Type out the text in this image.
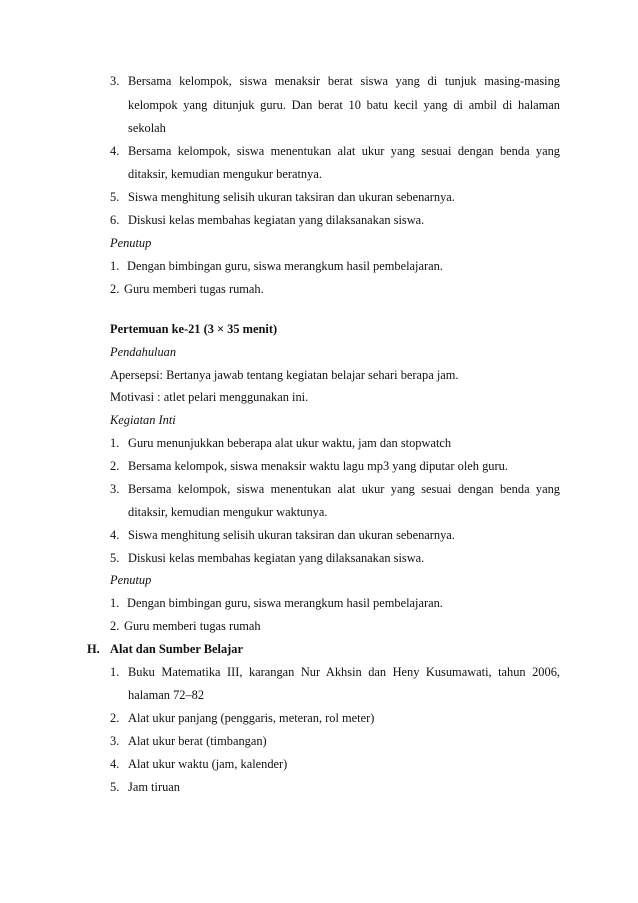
3. Bersama kelompok, siswa menaksir berat siswa yang di tunjuk masing-masing
kelompok yang ditunjuk guru. Dan berat 10 batu kecil yang di ambil di halaman
sekolah
4. Bersama kelompok, siswa menentukan alat ukur yang sesuai dengan benda yang
ditaksir, kemudian mengukur beratnya.
5. Siswa menghitung selisih ukuran taksiran dan ukuran sebenarnya.
6. Diskusi kelas membahas kegiatan yang dilaksanakan siswa.
Penutup
1. Dengan bimbingan guru, siswa merangkum hasil pembelajaran.
2. Guru memberi tugas rumah.
Pertemuan ke-21 (3 × 35 menit)
Pendahuluan
Apersepsi: Bertanya jawab tentang kegiatan belajar sehari berapa jam.
Motivasi : atlet pelari menggunakan ini.
Kegiatan Inti
1. Guru menunjukkan beberapa alat ukur waktu, jam dan stopwatch
2. Bersama kelompok, siswa menaksir waktu lagu mp3 yang diputar oleh guru.
3. Bersama kelompok, siswa menentukan alat ukur yang sesuai dengan benda yang
ditaksir, kemudian mengukur waktunya.
4. Siswa menghitung selisih ukuran taksiran dan ukuran sebenarnya.
5. Diskusi kelas membahas kegiatan yang dilaksanakan siswa.
Penutup
1. Dengan bimbingan guru, siswa merangkum hasil pembelajaran.
2. Guru memberi tugas rumah
H. Alat dan Sumber Belajar
1. Buku Matematika III, karangan Nur Akhsin dan Heny Kusumawati, tahun 2006,
halaman 72–82
2. Alat ukur panjang (penggaris, meteran, rol meter)
3. Alat ukur berat (timbangan)
4. Alat ukur waktu (jam, kalender)
5. Jam tiruan
